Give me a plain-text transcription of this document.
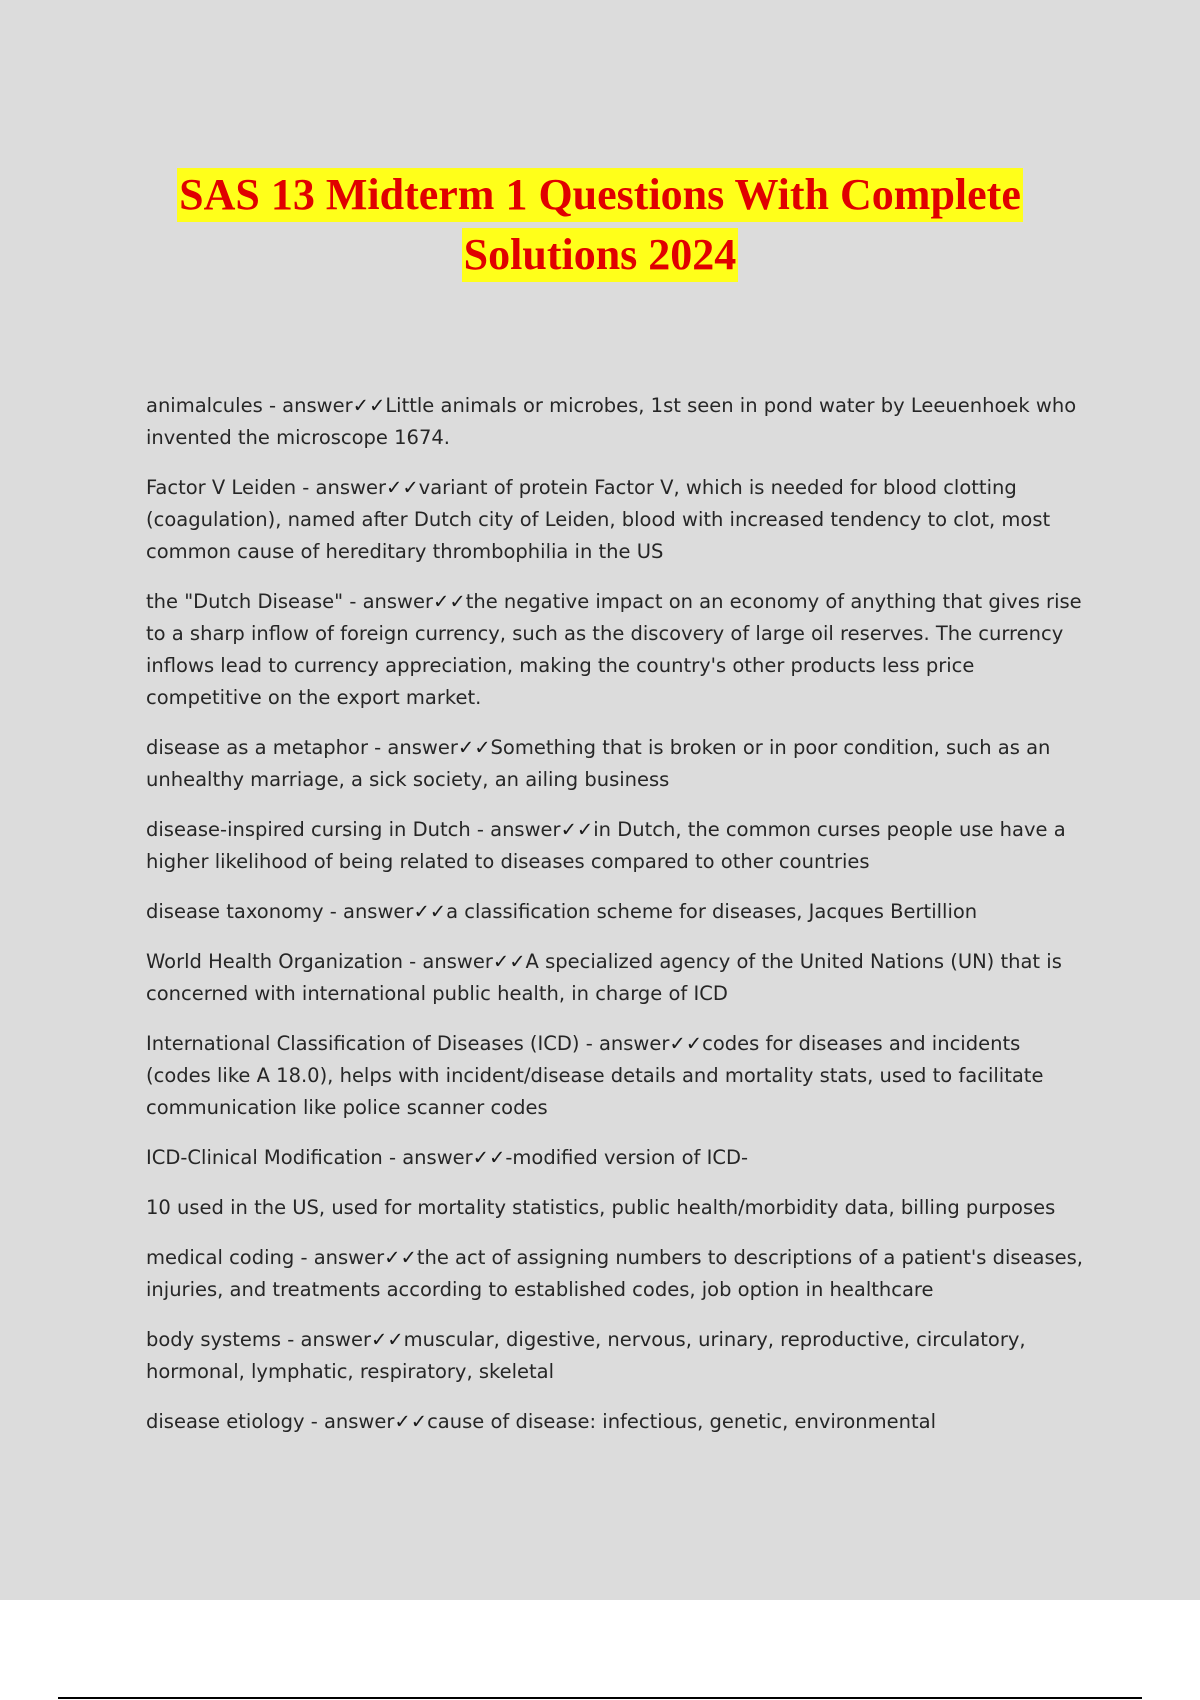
SAS 13 Midterm 1 Questions With Complete
Solutions 2024
animalcules - answer✓✓Little animals or microbes, 1st seen in pond water by Leeuenhoek who invented the microscope 1674.
Factor V Leiden - answer✓✓variant of protein Factor V, which is needed for blood clotting (coagulation), named after Dutch city of Leiden, blood with increased tendency to clot, most common cause of hereditary thrombophilia in the US
the "Dutch Disease" - answer✓✓the negative impact on an economy of anything that gives rise to a sharp inflow of foreign currency, such as the discovery of large oil reserves. The currency inflows lead to currency appreciation, making the country's other products less price competitive on the export market.
disease as a metaphor - answer✓✓Something that is broken or in poor condition, such as an unhealthy marriage, a sick society, an ailing business
disease-inspired cursing in Dutch - answer✓✓in Dutch, the common curses people use have a higher likelihood of being related to diseases compared to other countries
disease taxonomy - answer✓✓a classification scheme for diseases, Jacques Bertillion
World Health Organization - answer✓✓A specialized agency of the United Nations (UN) that is concerned with international public health, in charge of ICD
International Classification of Diseases (ICD) - answer✓✓codes for diseases and incidents (codes like A 18.0), helps with incident/disease details and mortality stats, used to facilitate communication like police scanner codes
ICD-Clinical Modification - answer✓✓-modified version of ICD-
10 used in the US, used for mortality statistics, public health/morbidity data, billing purposes
medical coding - answer✓✓the act of assigning numbers to descriptions of a patient's diseases, injuries, and treatments according to established codes, job option in healthcare
body systems - answer✓✓muscular, digestive, nervous, urinary, reproductive, circulatory, hormonal, lymphatic, respiratory, skeletal
disease etiology - answer✓✓cause of disease: infectious, genetic, environmental
